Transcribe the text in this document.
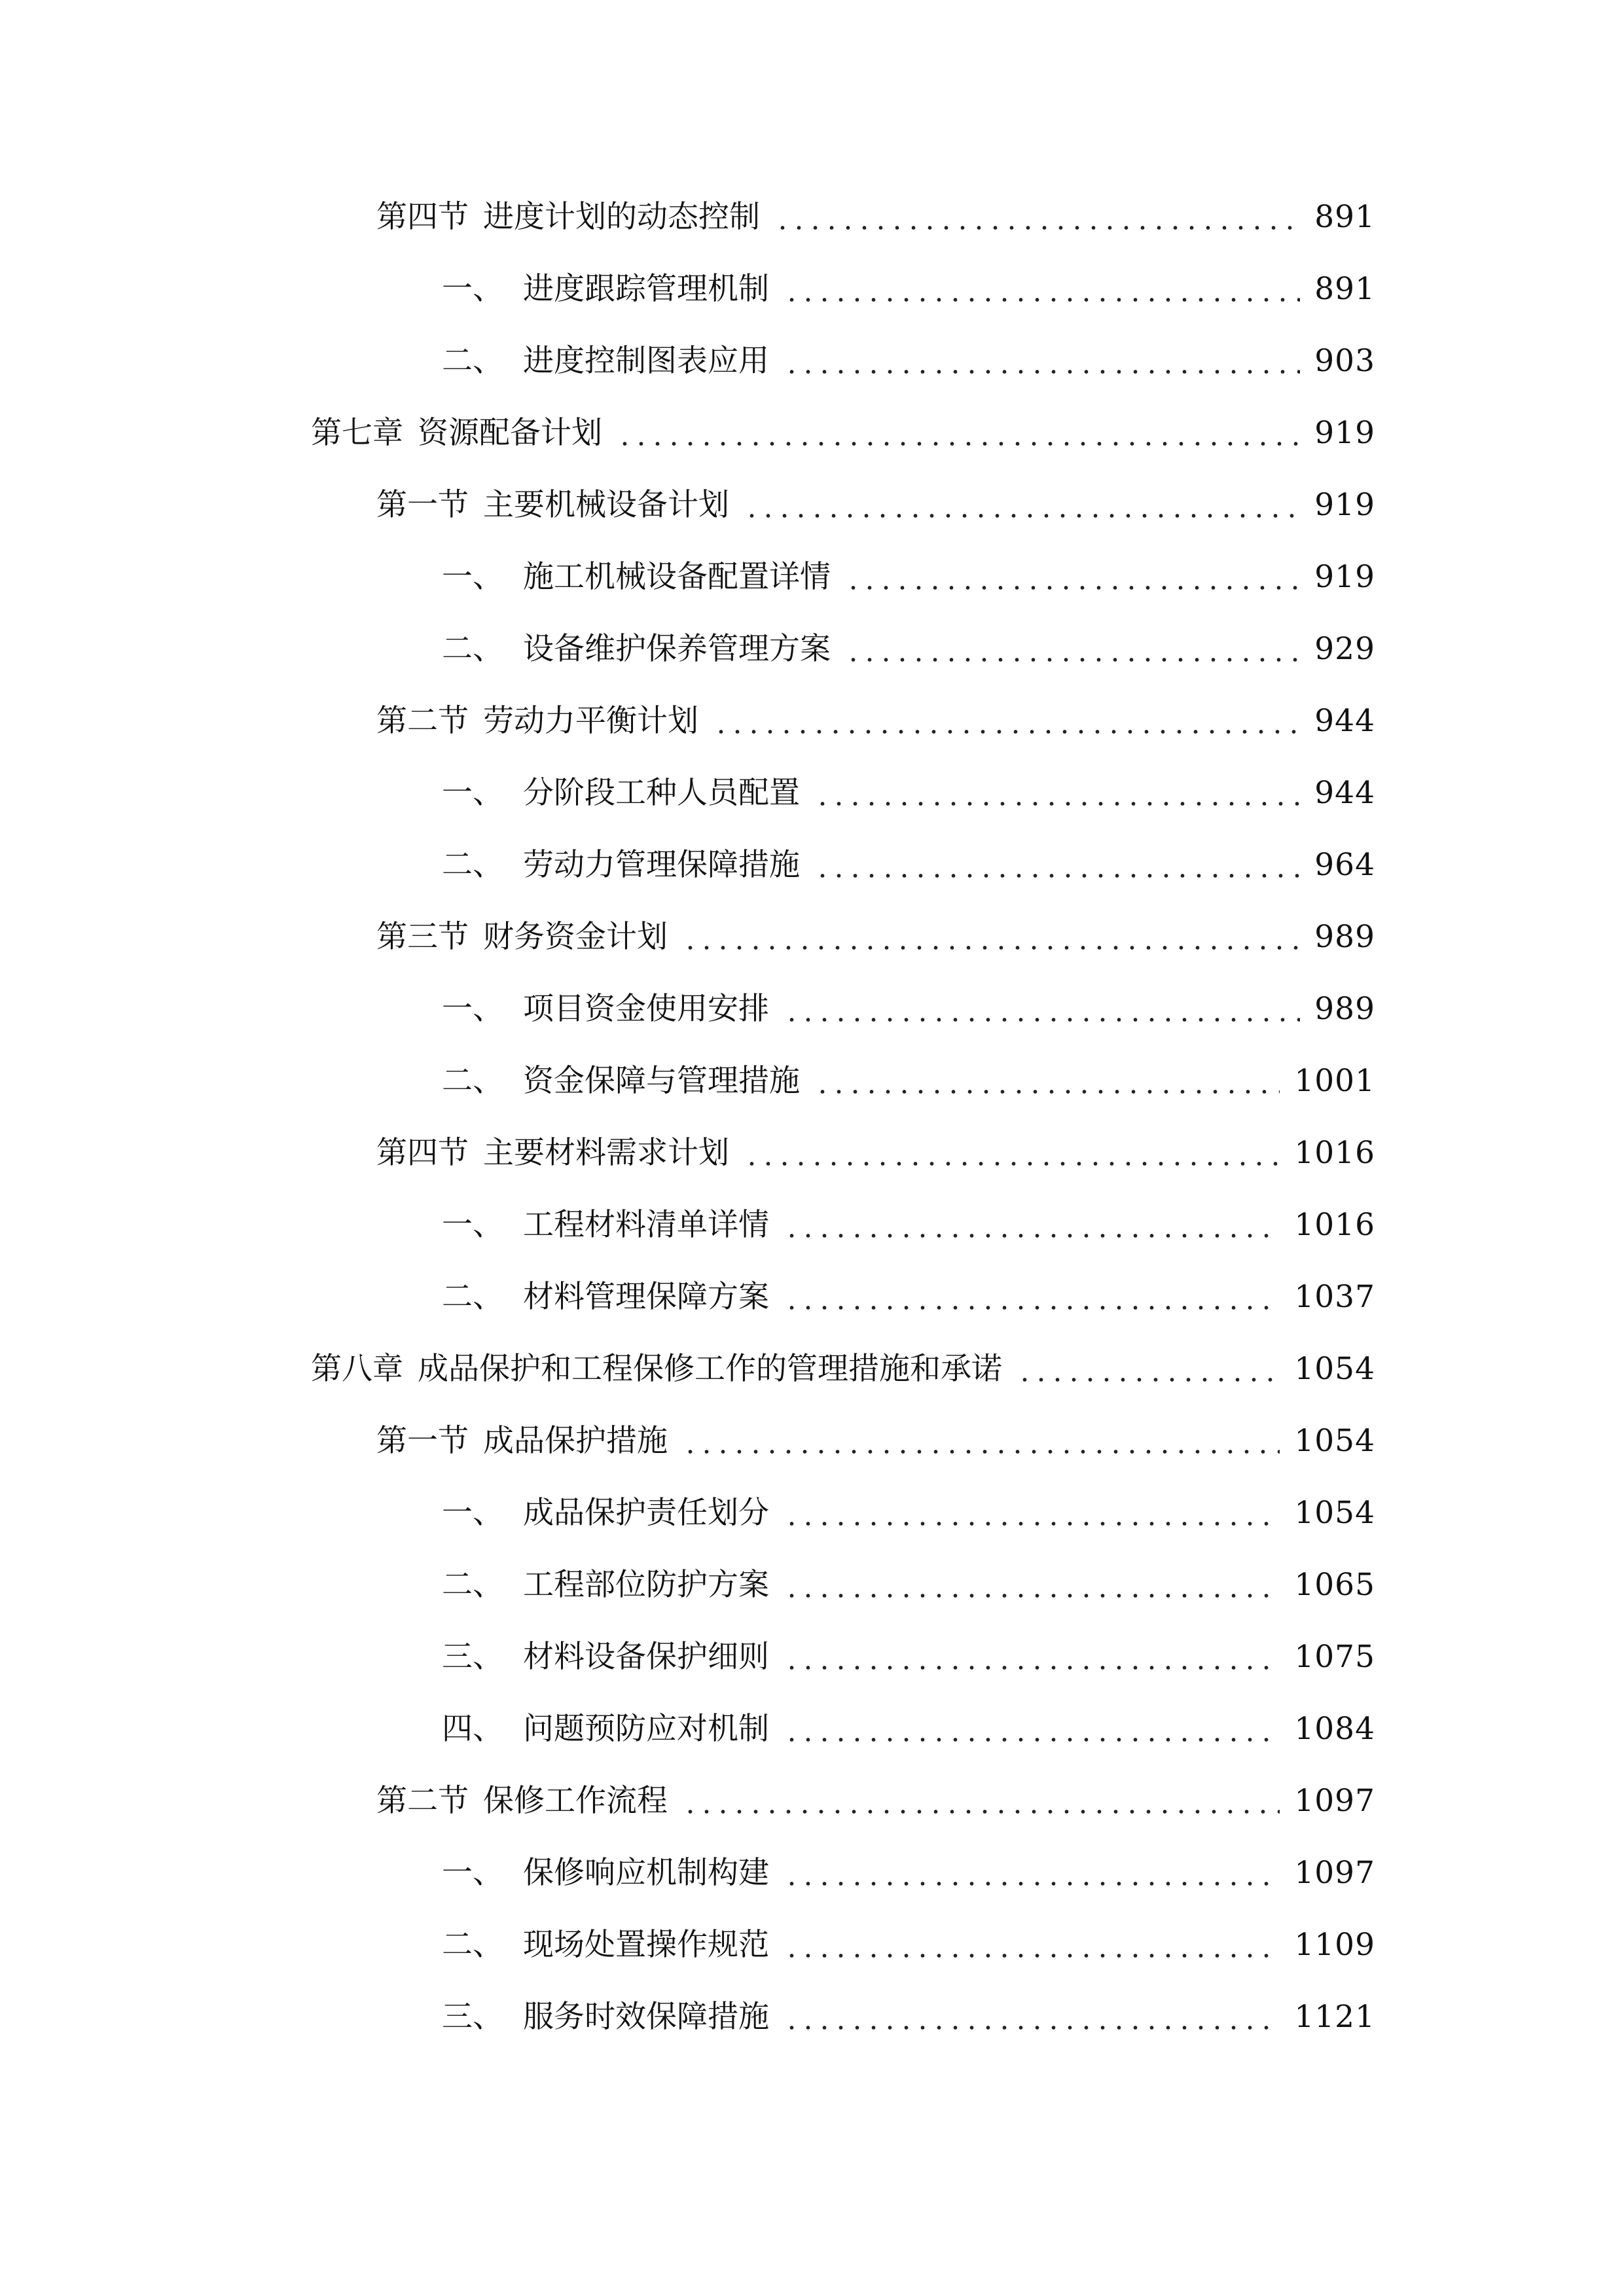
第四节 进度计划的动态控制	891
一、 进度跟踪管理机制	891
二、 进度控制图表应用	903
第七章 资源配备计划	919
第一节 主要机械设备计划	919
一、 施工机械设备配置详情	919
二、 设备维护保养管理方案	929
第二节 劳动力平衡计划	944
一、 分阶段工种人员配置	944
二、 劳动力管理保障措施	964
第三节 财务资金计划	989
一、 项目资金使用安排	989
二、 资金保障与管理措施	1001
第四节 主要材料需求计划	1016
一、 工程材料清单详情	1016
二、 材料管理保障方案	1037
第八章 成品保护和工程保修工作的管理措施和承诺	1054
第一节 成品保护措施	1054
一、 成品保护责任划分	1054
二、 工程部位防护方案	1065
三、 材料设备保护细则	1075
四、 问题预防应对机制	1084
第二节 保修工作流程	1097
一、 保修响应机制构建	1097
二、 现场处置操作规范	1109
三、 服务时效保障措施	1121
